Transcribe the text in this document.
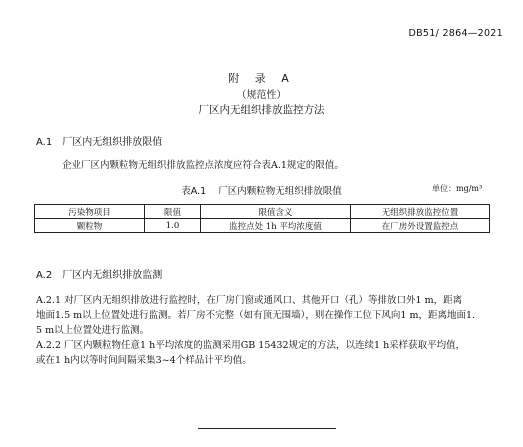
DB51/ 2864—2021
附 录 A
（规范性）
厂区内无组织排放监控方法
A.1 厂区内无组织排放限值
企业厂区内颗粒物无组织排放监控点浓度应符合表A.1规定的限值。
表A.1 厂区内颗粒物无组织排放限值	单位：mg/m³
污染物项目	限值	限值含义	无组织排放监控位置
颗粒物	1.0	监控点处 1h 平均浓度值	在厂房外设置监控点
A.2 厂区内无组织排放监测
A.2.1 对厂区内无组织排放进行监控时，在厂房门窗或通风口、其他开口（孔）等排放口外1 m，距离
地面1.5 m以上位置处进行监测。若厂房不完整（如有顶无围墙），则在操作工位下风向1 m，距离地面1.
5 m以上位置处进行监测。
A.2.2 厂区内颗粒物任意1 h平均浓度的监测采用GB 15432规定的方法，以连续1 h采样获取平均值，
或在1 h内以等时间间隔采集3~4个样品计平均值。
